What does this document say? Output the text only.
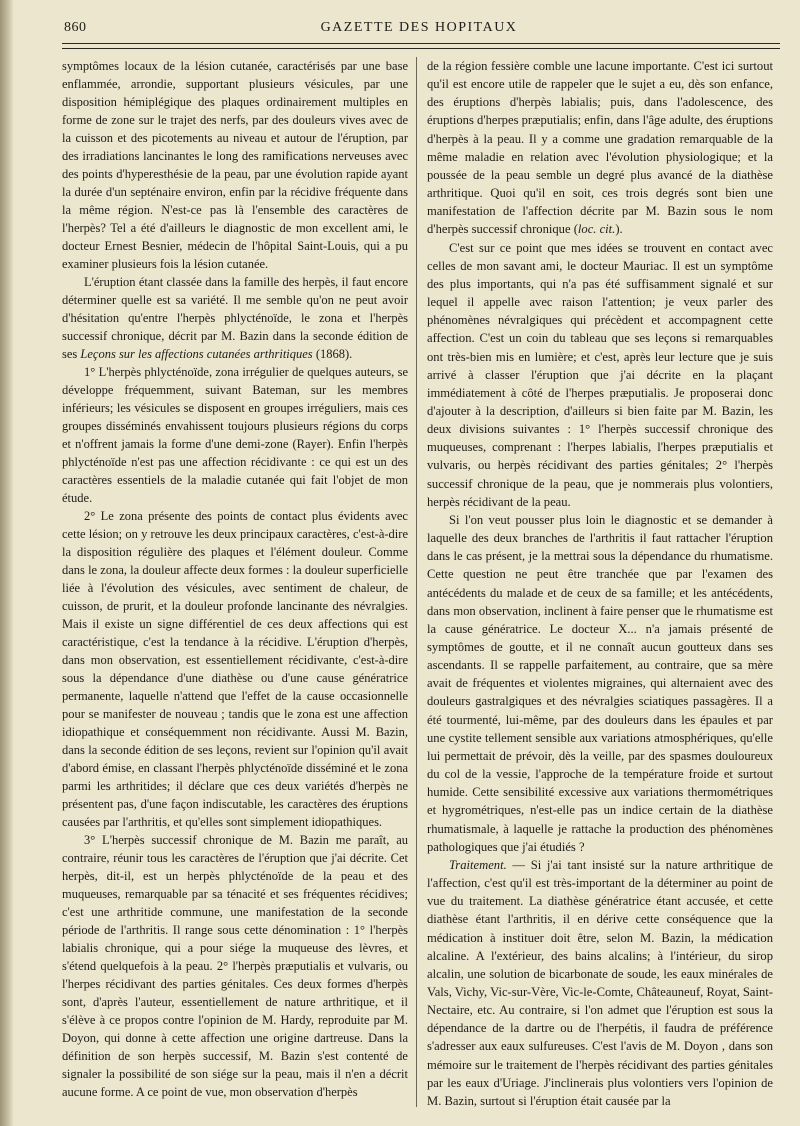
860	GAZETTE DES HOPITAUX

symptômes locaux de la lésion cutanée, caractérisés par une base enflammée, arrondie, supportant plusieurs vésicules, par une disposition hémiplégique des plaques ordinairement multiples en forme de zone sur le trajet des nerfs, par des douleurs vives avec de la cuisson et des picotements au niveau et autour de l'éruption, par des irradiations lancinantes le long des ramifications nerveuses avec des points d'hyperesthésie de la peau, par une évolution rapide ayant la durée d'un septénaire environ, enfin par la récidive fréquente dans la même région. N'est-ce pas là l'ensemble des caractères de l'herpès? Tel a été d'ailleurs le diagnostic de mon excellent ami, le docteur Ernest Besnier, médecin de l'hôpital Saint-Louis, qui a pu examiner plusieurs fois la lésion cutanée.

L'éruption étant classée dans la famille des herpès, il faut encore déterminer quelle est sa variété. Il me semble qu'on ne peut avoir d'hésitation qu'entre l'herpès phlycténoïde, le zona et l'herpès successif chronique, décrit par M. Bazin dans la seconde édition de ses Leçons sur les affections cutanées arthritiques (1868).

1° L'herpès phlycténoïde, zona irrégulier de quelques auteurs, se développe fréquemment, suivant Bateman, sur les membres inférieurs; les vésicules se disposent en groupes irréguliers, mais ces groupes disséminés envahissent toujours plusieurs régions du corps et n'offrent jamais la forme d'une demi-zone (Rayer). Enfin l'herpès phlycténoïde n'est pas une affection récidivante : ce qui est un des caractères essentiels de la maladie cutanée qui fait l'objet de mon étude.

2° Le zona présente des points de contact plus évidents avec cette lésion; on y retrouve les deux principaux caractères, c'est-à-dire la disposition régulière des plaques et l'élément douleur. Comme dans le zona, la douleur affecte deux formes : la douleur superficielle liée à l'évolution des vésicules, avec sentiment de chaleur, de cuisson, de prurit, et la douleur profonde lancinante des névralgies. Mais il existe un signe différentiel de ces deux affections qui est caractéristique, c'est la tendance à la récidive. L'éruption d'herpès, dans mon observation, est essentiellement récidivante, c'est-à-dire sous la dépendance d'une diathèse ou d'une cause génératrice permanente, laquelle n'attend que l'effet de la cause occasionnelle pour se manifester de nouveau ; tandis que le zona est une affection idiopathique et conséquemment non récidivante. Aussi M. Bazin, dans la seconde édition de ses leçons, revient sur l'opinion qu'il avait d'abord émise, en classant l'herpès phlycténoïde disséminé et le zona parmi les arthritides; il déclare que ces deux variétés d'herpès ne présentent pas, d'une façon indiscutable, les caractères des éruptions causées par l'arthritis, et qu'elles sont simplement idiopathiques.

3° L'herpès successif chronique de M. Bazin me paraît, au contraire, réunir tous les caractères de l'éruption que j'ai décrite. Cet herpès, dit-il, est un herpès phlycténoïde de la peau et des muqueuses, remarquable par sa ténacité et ses fréquentes récidives; c'est une arthritide commune, une manifestation de la seconde période de l'arthritis. Il range sous cette dénomination : 1° l'herpès labialis chronique, qui a pour siége la muqueuse des lèvres, et s'étend quelquefois à la peau. 2° l'herpès præputialis et vulvaris, ou l'herpes récidivant des parties génitales. Ces deux formes d'herpès sont, d'après l'auteur, essentiellement de nature arthritique, et il s'élève à ce propos contre l'opinion de M. Hardy, reproduite par M. Doyon, qui donne à cette affection une origine dartreuse. Dans la définition de son herpès successif, M. Bazin s'est contenté de signaler la possibilité de son siége sur la peau, mais il n'en a décrit aucune forme. A ce point de vue, mon observation d'herpès

de la région fessière comble une lacune importante. C'est ici surtout qu'il est encore utile de rappeler que le sujet a eu, dès son enfance, des éruptions d'herpès labialis; puis, dans l'adolescence, des éruptions d'herpes præputialis; enfin, dans l'âge adulte, des éruptions d'herpès à la peau. Il y a comme une gradation remarquable de la même maladie en relation avec l'évolution physiologique; et la poussée de la peau semble un degré plus avancé de la diathèse arthritique. Quoi qu'il en soit, ces trois degrés sont bien une manifestation de l'affection décrite par M. Bazin sous le nom d'herpès successif chronique (loc. cit.).

C'est sur ce point que mes idées se trouvent en contact avec celles de mon savant ami, le docteur Mauriac. Il est un symptôme des plus importants, qui n'a pas été suffisamment signalé et sur lequel il appelle avec raison l'attention; je veux parler des phénomènes névralgiques qui précèdent et accompagnent cette affection. C'est un coin du tableau que ses leçons si remarquables ont très-bien mis en lumière; et c'est, après leur lecture que je suis arrivé à classer l'éruption que j'ai décrite en la plaçant immédiatement à côté de l'herpes præputialis. Je proposerai donc d'ajouter à la description, d'ailleurs si bien faite par M. Bazin, les deux divisions suivantes : 1° l'herpès successif chronique des muqueuses, comprenant : l'herpes labialis, l'herpes præputialis et vulvaris, ou herpès récidivant des parties génitales; 2° l'herpès successif chronique de la peau, que je nommerais plus volontiers, herpès récidivant de la peau.

Si l'on veut pousser plus loin le diagnostic et se demander à laquelle des deux branches de l'arthritis il faut rattacher l'éruption dans le cas présent, je la mettrai sous la dépendance du rhumatisme. Cette question ne peut être tranchée que par l'examen des antécédents du malade et de ceux de sa famille; et les antécédents, dans mon observation, inclinent à faire penser que le rhumatisme est la cause génératrice. Le docteur X... n'a jamais présenté de symptômes de goutte, et il ne connaît aucun goutteux dans ses ascendants. Il se rappelle parfaitement, au contraire, que sa mère avait de fréquentes et violentes migraines, qui alternaient avec des douleurs gastralgiques et des névralgies sciatiques passagères. Il a été tourmenté, lui-même, par des douleurs dans les épaules et par une cystite tellement sensible aux variations atmosphériques, qu'elle lui permettait de prévoir, dès la veille, par des spasmes douloureux du col de la vessie, l'approche de la température froide et surtout humide. Cette sensibilité excessive aux variations thermométriques et hygrométriques, n'est-elle pas un indice certain de la diathèse rhumatismale, à laquelle je rattache la production des phénomènes pathologiques que j'ai étudiés ?

Traitement. — Si j'ai tant insisté sur la nature arthritique de l'affection, c'est qu'il est très-important de la déterminer au point de vue du traitement. La diathèse génératrice étant accusée, et cette diathèse étant l'arthritis, il en dérive cette conséquence que la médication à instituer doit être, selon M. Bazin, la médication alcaline. A l'extérieur, des bains alcalins; à l'intérieur, du sirop alcalin, une solution de bicarbonate de soude, les eaux minérales de Vals, Vichy, Vic-sur-Vère, Vic-le-Comte, Châteauneuf, Royat, Saint-Nectaire, etc. Au contraire, si l'on admet que l'éruption est sous la dépendance de la dartre ou de l'herpétis, il faudra de préférence s'adresser aux eaux sulfureuses. C'est l'avis de M. Doyon , dans son mémoire sur le traitement de l'herpès récidivant des parties génitales par les eaux d'Uriage. J'inclinerais plus volontiers vers l'opinion de M. Bazin, surtout si l'éruption était causée par la
